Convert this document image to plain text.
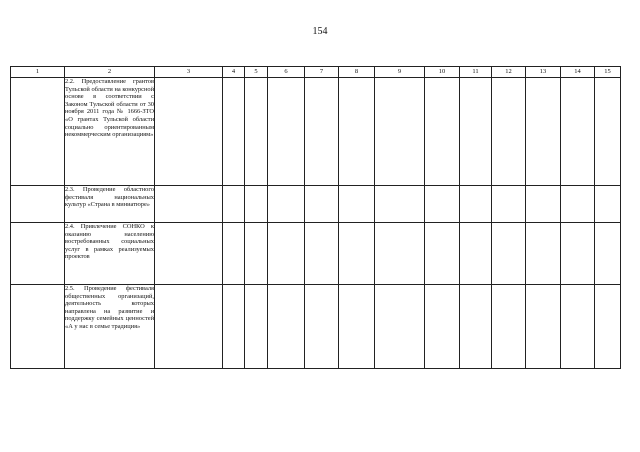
154
1	2	3	4	5	6	7	8	9	10	11	12	13	14	15
	2.2. Предоставление грантов Тульской области на конкурсной основе в соответствии с Законом Тульской области от 30 ноября 2011 года № 1666-ЗТО «О грантах Тульской области социально ориентированным некоммерческим организациям»													
	2.3. Проведение областного фестиваля национальных культур «Страна в миниатюре»													
	2.4. Привлечение СОНКО к оказанию населению востребованных социальных услуг в рамках реализуемых проектов													
	2.5. Проведение фестиваля общественных организаций, деятельность которых направлена на развитие и поддержку семейных ценностей «А у нас в семье традиция»													
